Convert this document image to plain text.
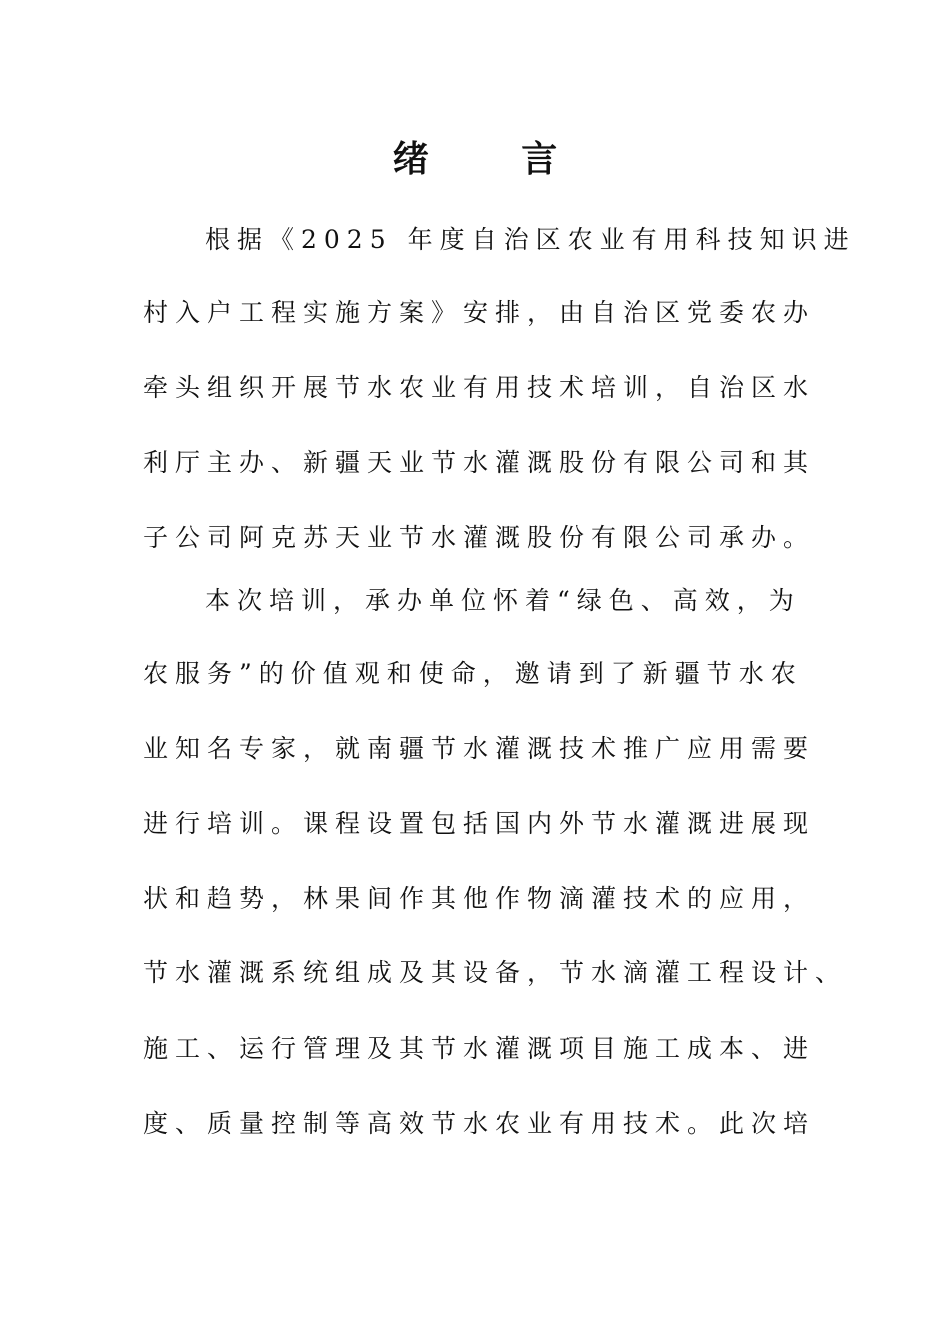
绪 言
根据《2025 年度自治区农业有用科技知识进
村入户工程实施方案》安排，由自治区党委农办
牵头组织开展节水农业有用技术培训，自治区水
利厅主办、新疆天业节水灌溉股份有限公司和其
子公司阿克苏天业节水灌溉股份有限公司承办。
本次培训，承办单位怀着“绿色、高效，为
农服务”的价值观和使命，邀请到了新疆节水农
业知名专家，就南疆节水灌溉技术推广应用需要
进行培训。课程设置包括国内外节水灌溉进展现
状和趋势，林果间作其他作物滴灌技术的应用，
节水灌溉系统组成及其设备，节水滴灌工程设计、
施工、运行管理及其节水灌溉项目施工成本、进
度、质量控制等高效节水农业有用技术。此次培
